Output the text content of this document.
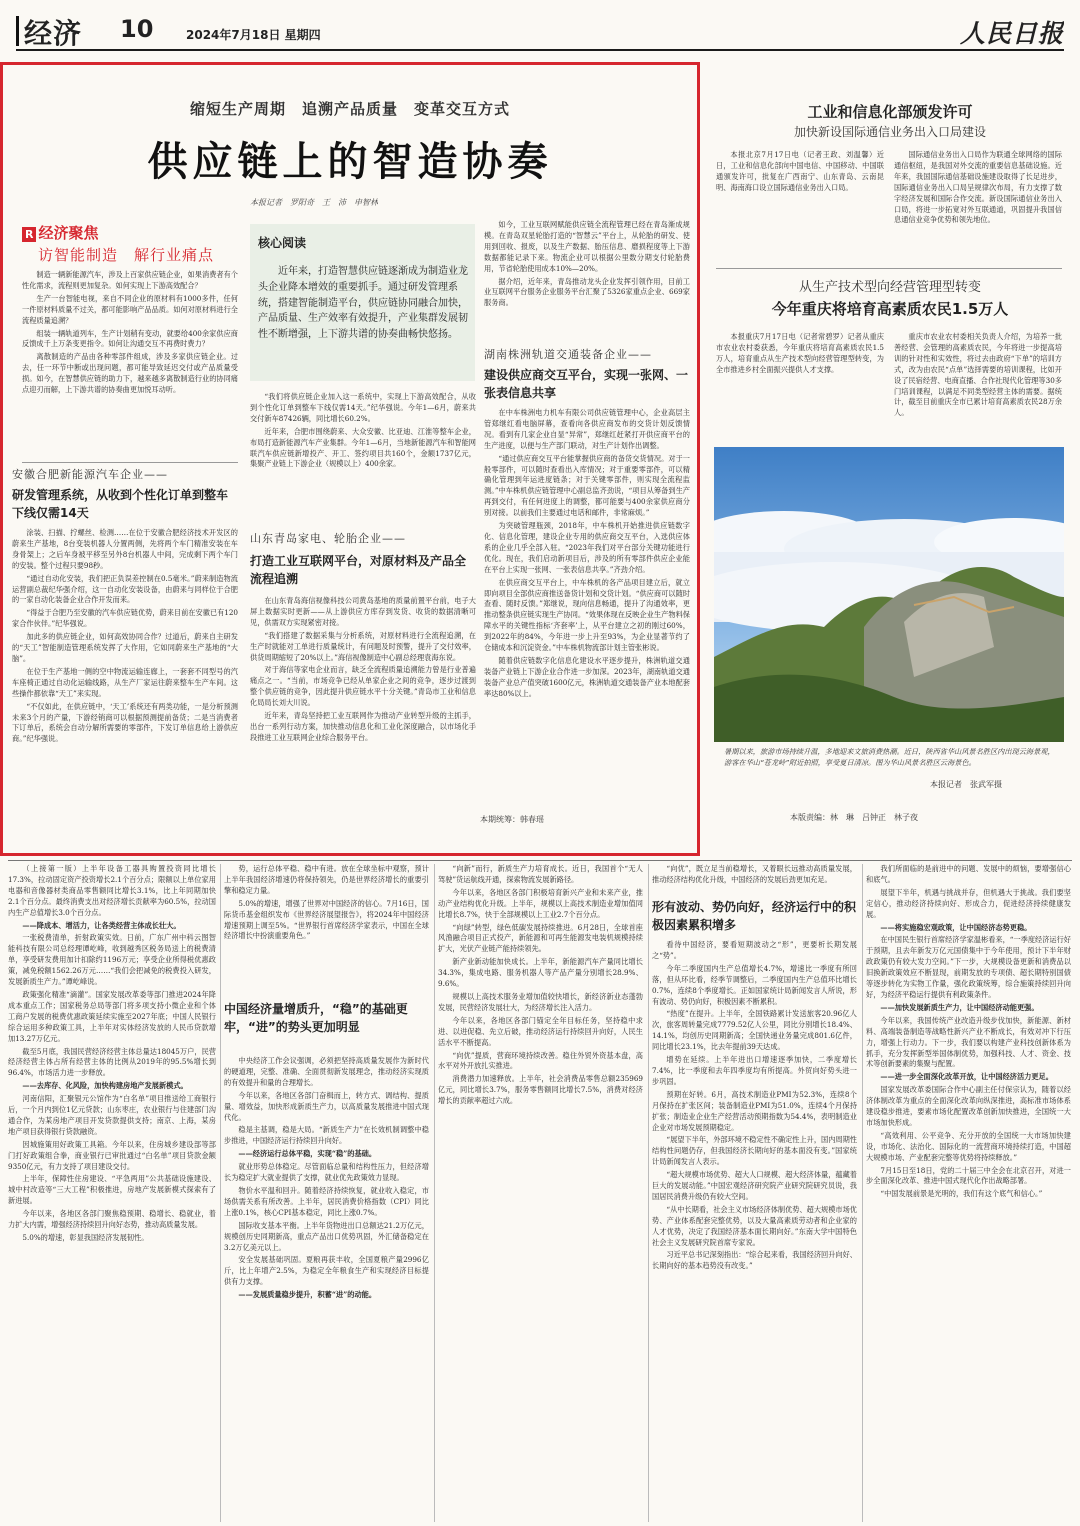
经济 10	2024年7月18日 星期四	人民日报
缩短生产周期　追溯产品质量　变革交互方式
供应链上的智造协奏
本报记者　罗阳奇　王　沛　申智林
R 经济聚焦
访智能制造　解行业痛点

制造一辆新能源汽车，涉及上百家供应链企业，如果消费者有个性化需求，流程则更加复杂。如何实现上下游高效配合？

生产一台智能电视，来自不同企业的原材料有1000多件，任何一件原材料质量不过关，都可能影响产品品质。如何对原材料进行全流程质量追溯？

组装一辆轨道列车，生产计划稍有变动，就要给400余家供应商反馈成千上万条变更指令。如何让沟通交互不再费时费力？

离散制造的产品由各种零部件组成，涉及多家供应链企业。过去，任一环节中断或出现问题，都可能导致延迟交付或产品质量受损。如今，在智慧供应链的助力下，越来越多离散制造行业的协同痛点迎刃而解，上下游共谱的协奏曲更加悦耳动听。

安徽合肥新能源汽车企业——
研发管理系统，从收到个性化订单到整车下线仅需14天

涂装、扫描、拧螺丝、检测……在位于安徽合肥经济技术开发区的蔚来生产基地，8台变装机器人分置两侧，先将两个车门精准安装在车身骨架上；之后车身被平移至另外8台机器人中间，完成剩下两个车门的安装。整个过程只要98秒。

“通过自动化安装，我们把正负误差控制在0.5毫米。”蔚来制造物流运营副总裁纪华强介绍，这一自动化安装设备，由蔚来与同样位于合肥的一家自动化装备企业合作开发而来。

“得益于合肥乃至安徽的汽车供应链优势，蔚来目前在安徽已有120家合作伙伴。”纪华强说。

加此多的供应链企业，如何高效协同合作？过道后，蔚来自主研发的“天工”智能制造管理系统发挥了大作用，它如同蔚来生产基地的“大脑”。

在位于生产基地一侧的空中物流运输连廊上，一套套不同型号的汽车座椅正通过自动化运输线路，从生产厂家运往蔚来整车生产车间。这些操作都依靠“天工”来实现。

“不仅如此，在供应链中，‘天工’系统还有两类功能，一是分析预测未来3个月的产量，下游经销商可以根据预测提前备货；二是当消费者下订单后，系统会自动分解所需要的零部件，下发订单信息给上游供应商。”纪华强说。

核心阅读
近年来，打造智慧供应链逐渐成为制造业龙头企业降本增效的重要抓手。通过研发管理系统，搭建智能制造平台，供应链协同融合加快，产品质量、生产效率有效提升，产业集群发展韧性不断增强，上下游共谱的协奏曲畅快悠扬。

“我们将供应链企业加入这一系统中，实现上下游高效配合，从收到个性化订单到整车下线仅需14天。”纪华强说。今年1—6月，蔚来共交付新车87426辆，同比增长60.2%。

近年来，合肥市围绕蔚来、大众安徽、比亚迪、江淮等整车企业，布局打造新能源汽车产业集群。今年1—6月，当地新能源汽车和智能网联汽车供应链新增投产、开工、签约项目共160个，金额1737亿元，集聚产业链上下游企业（规模以上）400余家。

山东青岛家电、轮胎企业——
打造工业互联网平台，对原材料及产品全流程追溯

在山东青岛海信视像科技公司黄岛基地的质量前置平台前，电子大屏上数据实时更新——从上游供应方库存到发货、收货的数据清晰可见，供需双方实现紧密对接。

“我们搭建了数据采集与分析系统，对原材料进行全流程追溯，在生产时就能对工单进行质量统计，有问题及时预警，提升了交付效率，供货周期缩短了20%以上。”海信视像制造中心副总经理袁海东说。

对于海信等家电企业而言，缺乏全流程质量追溯能力曾是行业普遍痛点之一。“当前，市场竞争已经从单家企业之间的竞争，逐步过渡到整个供应链的竞争，因此提升供应链水平十分关键。”青岛市工业和信息化局局长刘大川说。

近年来，青岛坚持把工业互联网作为推动产业转型升级的主抓手，出台一系列行动方案，加快推动信息化和工业化深度融合，以市场化手段推进工业互联网企业综合服务平台。

如今，工业互联网赋能供应链全流程管理已经在青岛渐成规模。在青岛双星轮胎打造的“智慧云”平台上，从轮胎的研发、使用到回收、报废，以及生产数据、胎压信息、磨损程度等上下游数据都能记录下来。物流企业可以根据公里数分期支付轮胎费用，节省轮胎使用成本10%—20%。

据介绍，近年来，青岛推动龙头企业发挥引领作用，目前工业互联网平台服务企业服务平台汇聚了5326家重点企业、669家服务商。

湖南株洲轨道交通装备企业——
建设供应商交互平台，实现一张网、一张表信息共享

在中车株洲电力机车有限公司供应链管理中心，企业高层主管郑继红看电脑屏幕，查看向各供应商发布的交货计划反馈情况。看到有几家企业自显“异常”，郑继红赶紧打开供应商平台的生产进度，以便与生产部门联动，对生产计划作出调整。

“通过供应商交互平台能掌握供应商的备货交货情况。对于一般零部件，可以随时查看出入库情况；对于重要零部件，可以精确化管理到年运进度链条；对于关键零部件，则实现全流程监测。”中车株机供应链管理中心副总监齐劲说，“项目从筹备到生产再到交付，有任何进度上的调整，都可能要与400余家供应商分别对接。以前我们主要通过电话和邮件，非常麻烦。”

为突破管理瓶颈，2018年，中车株机开始推进供应链数字化、信息化管理，建设企业专用的供应商交互平台，入选供应体系的企业几乎全部入驻。“2023年我们对平台部分关键功能进行优化。现在，我们启动新项目后，涉及的所有零部件供应企业能在平台上实现一张网、一张表信息共享。”齐劲介绍。

在供应商交互平台上，中车株机的各产品项目建立后，就立即向项目全部供应商推送备货计划和交货计划。“供应商可以随时查看、随时反馈。”郑继说，现向信息畅通，提升了沟通效率，更推动整条供应链实现生产协同。“效果体现在反映企业生产物料保障水平的关键性指标‘齐套率’上，从平台建立之初的刚过60%，到2022年的84%，今年进一步上升至93%，为企业显著节约了仓储成本和沉淀资金。”中车株机物流部计划主管张彬说。

随着供应链数字化信息化建设水平逐步提升，株洲轨道交通装备产业链上下游企业合作进一步加深。2023年，湖南轨道交通装备产业总产值突破1600亿元，株洲轨道交通装备产业本地配套率达80%以上。

本期统筹：韩春瑶
工业和信息化部颁发许可
加快新设国际通信业务出入口局建设

本报北京7月17日电（记者王政、刘温馨）近日，工业和信息化部向中国电信、中国移动、中国联通颁发许可，批复在广西南宁、山东青岛、云南昆明、海南海口设立国际通信业务出入口局。

国际通信业务出入口局作为联通全球网络的国际通信枢纽，是我国对外交流的重要信息基础设施。近年来，我国国际通信基础设施建设取得了长足进步，国际通信业务出入口局呈规律次布局，有力支撑了数字经济发展和国际合作交流。新设国际通信业务出入口局，将进一步拓宽对外互联通道，巩固提升我国信息通信业竞争优势和领先地位。

从生产技术型向经营管理型转变
今年重庆将培育高素质农民1.5万人

本报重庆7月17日电（记者常碧罗）记者从重庆市农业农村委获悉，今年重庆将培育高素质农民1.5万人，培育重点从生产技术型向经营管理型转变，为全市推进乡村全面振兴提供人才支撑。

重庆市农业农村委相关负责人介绍，为培养一批善经营、会管理的高素质农民，今年将进一步提高培训的针对性和实效性，将过去由政府“下单”的培训方式，改为由农民“点单”选择需要的培训课程，比如开设了民宿经营、电商直播、合作社现代化管理等30多门培训课程，以满足不同类型经营主体的需要。据统计，截至目前重庆全市已累计培育高素质农民28万余人。

暑期以来，旅游市场持续升温，多地迎来文旅消费热潮。近日，陕西省华山风景名胜区内出现云海景观，游客在华山“苍龙岭”附近拍照，享受夏日清凉。图为华山风景名胜区云海景色。
本报记者　张武军摄
本版责编：林　琳　吕钟正　林子夜

（上接第一版）上半年设备工器具购置投资同比增长17.3%，拉动固定资产投资增长2.1个百分点；限额以上单位家用电器和音像器材类商品零售额同比增长3.1%，比上年同期加快2.1个百分点。最终消费支出对经济增长贡献率为60.5%，拉动国内生产总值增长3.0个百分点。

——降成本、增活力，让各类经营主体成长壮大。

一张税费清单，折射政策实效。日前，广东广州中科云图智能科技有限公司总经理谭屹峰，收到越秀区税务局送上的税费清单，享受研发费用加计扣除约1196万元；享受企业所得税优惠政策，减免税额1562.26万元……“我们会把减免的税费投入研发，发展新质生产力。”谭屹峰说。

政策强化精准“滴灌”。国家发展改革委等部门推进2024年降成本重点工作；国家税务总局等部门将多项支持小微企业和个体工商户发展的税费优惠政策延续实施至2027年底；中国人民银行综合运用多种政策工具，上半年对实体经济发放的人民币贷款增加13.27万亿元。

截至5月底，我国民营经济经营主体总量达18045万户，民营经济经营主体占所有经营主体的比例从2019年的95.5%增长到96.4%，市场活力进一步释放。

——去库存、化风险，加快构建房地产发展新模式。

河南信阳，汇聚银元公馆作为“白名单”项目推送给工商银行后，一个月内到位1亿元贷款；山东枣庄，农业银行与住建部门沟通合作，为某房地产项目开发贷款提供支持；南京、上海，某房地产项目获得银行贷款融资。

因城施策用好政策工具箱。今年以来，住房城乡建设部等部门打好政策组合拳，商业银行已审批通过“白名单”项目贷款金额9350亿元，有力支持了项目建设交付。

上半年，保障性住房建设、“平急两用”公共基础设施建设、城中村改造等“三大工程”积极推进，房地产发展新模式探索有了新进展。

今年以来，各地区各部门聚焦稳预期、稳增长、稳就业，着力扩大内需，增强经济持续回升向好态势，推动高质量发展。

5.0%的增速，彰显我国经济发展韧性。

中国经济量增质升，“稳”的基础更牢，“进”的势头更加明显

势，运行总体平稳、稳中有进。放在全球坐标中观察，预计上半年我国经济增速仍将保持领先，仍是世界经济增长的重要引擎和稳定力量。

5.0%的增速，增强了世界对中国经济的信心。7月16日，国际货币基金组织发布《世界经济展望报告》，将2024年中国经济增速预期上调至5%。“世界银行首席经济学家表示，中国在全球经济增长中扮演重要角色。”

中央经济工作会议强调，必须把坚持高质量发展作为新时代的硬道理，完整、准确、全面贯彻新发展理念，推动经济实现质的有效提升和量的合理增长。

今年以来，各地区各部门奋楫而上，转方式、调结构、提质量、增效益，加快形成新质生产力，以高质量发展推进中国式现代化。

稳是主基调，稳是大局。“新质生产力”在长效机制调整中稳步推进，中国经济运行持续回升向好。

——经济运行总体平稳，实现“稳”的基础。

就业形势总体稳定。尽管面临总量和结构性压力，但经济增长为稳定扩大就业提供了支撑，就业优先政策效力显现。

物价水平温和回升。随着经济持续恢复，就业收入稳定，市场供需关系有所改善。上半年，居民消费价格指数（CPI）同比上涨0.1%，核心CPI基本稳定，同比上涨0.7%。

国际收支基本平衡。上半年货物进出口总额达21.2万亿元，规模创历史同期新高，重点产品出口优势巩固，外汇储备稳定在3.2万亿美元以上。

安全发展基础巩固。夏粮再获丰收，全国夏粮产量2996亿斤，比上年增产2.5%，为稳定全年粮食生产和实现经济目标提供有力支撑。

——发展质量稳步提升，积蓄“进”的动能。

“向新”而行，新质生产力培育成长。近日，我国首个“无人驾驶”货运航线开通，探索物流发展新路径。

今年以来，各地区各部门积极培育新兴产业和未来产业，推动产业结构优化升级。上半年，规模以上高技术制造业增加值同比增长8.7%，快于全部规模以上工业2.7个百分点。

“向绿”转型，绿色低碳发展持续推进。6月28日，全球首座风渔融合项目正式投产，新能源和可再生能源发电装机规模持续扩大，光伏产业链产能持续领先。

新产业新动能加快成长。上半年，新能源汽车产量同比增长34.3%，集成电路、服务机器人等产品产量分别增长28.9%、9.6%。

规模以上高技术服务业增加值较快增长，新经济新业态蓬勃发展，民营经济发展壮大，为经济增长注入活力。

今年以来，各地区各部门锚定全年目标任务，坚持稳中求进、以进促稳、先立后破，推动经济运行持续回升向好，人民生活水平不断提高。

“向优”提质，营商环境持续改善。稳住外贸外资基本盘，高水平对外开放扎实推进。

消费潜力加速释放。上半年，社会消费品零售总额235969亿元，同比增长3.7%，服务零售额同比增长7.5%，消费对经济增长的贡献率超过六成。

“向优”，既立足当前稳增长，又着眼长远推动高质量发展，推动经济结构优化升级，中国经济的发展后劲更加充足。

形有波动、势仍向好，经济运行中的积极因素累积增多

看待中国经济，要看短期波动之“形”，更要析长期发展之“势”。

今年二季度国内生产总值增长4.7%，增速比一季度有所回落，但从环比看，经季节调整后，二季度国内生产总值环比增长0.7%，连续8个季度增长。正如国家统计局新闻发言人所说，形有波动、势仍向好，积极因素不断累积。

“热度”在提升。上半年，全国铁路累计发送旅客20.96亿人次，旅客周转量完成7779.52亿人公里，同比分别增长18.4%、14.1%，均创历史同期新高；全国快递业务量完成801.6亿件，同比增长23.1%，比去年提前39天达成。

增势在延续。上半年进出口增速逐季加快，二季度增长7.4%，比一季度和去年四季度均有所提高。外贸向好势头进一步巩固。

预期在好转。6月，高技术制造业PMI为52.3%，连续8个月保持在扩张区间；装备制造业PMI为51.0%，连续4个月保持扩张；制造业企业生产经营活动预期指数为54.4%，表明制造业企业对市场发展预期稳定。

“展望下半年，外部环境不稳定性不确定性上升，国内周期性结构性问题仍存，但我国经济长期向好的基本面没有变。”国家统计局新闻发言人表示。

“超大规模市场优势、超大人口规模、超大经济体量，蕴藏着巨大的发展动能。”中国宏观经济研究院产业研究院研究员说，我国居民消费升级仍有较大空间。

“从中长期看，社会主义市场经济体制优势、超大规模市场优势、产业体系配套完整优势，以及大量高素质劳动者和企业家的人才优势，决定了我国经济基本面长期向好。”东南大学中国特色社会主义发展研究院首席专家说。

习近平总书记深刻指出：“综合起来看，我国经济回升向好、长期向好的基本趋势没有改变。”

我们所面临的是前进中的问题、发展中的烦恼，要增强信心和底气。

展望下半年，机遇与挑战并存，但机遇大于挑战。我们要坚定信心，推动经济持续向好、形成合力，促进经济持续健康发展。

——将实施稳宏观政策，让中国经济态势更稳。

在中国民生银行首席经济学家温彬看来，“一季度经济运行好于预期，且去年新发万亿元国债集中于今年使用，预计下半年财政政策仍有较大发力空间。”下一步，大规模设备更新和消费品以旧换新政策效应不断显现，前期发放的专项债、超长期特别国债等逐步转化为实物工作量，强化政策统筹，综合施策持续回升向好，为经济平稳运行提供有利政策条件。

——加快发展新质生产力，让中国经济动能更强。

今年以来，我国传统产业改造升级步伐加快，新能源、新材料、高端装备制造等战略性新兴产业不断成长，有效对冲下行压力，增强上行动力。下一步，我们要以构建产业科技创新体系为抓手，充分发挥新型举国体制优势，加强科技、人才、资金、技术等创新要素的集聚与配置。

——进一步全面深化改革开放，让中国经济活力更足。

国家发展改革委国际合作中心副主任付保宗认为，随着以经济体制改革为重点的全面深化改革向纵深推进，高标准市场体系建设稳步推进，要素市场化配置改革创新加快推进，全国统一大市场加快形成。

“高效利用、公平竞争、充分开放的全国统一大市场加快建设，市场化、法治化、国际化的一流营商环境持续打造，中国超大规模市场、产业配套完整等优势将持续释放。”

7月15日至18日，党的二十届三中全会在北京召开，对进一步全面深化改革、推进中国式现代化作出战略部署。

“中国发展前景是光明的，我们有这个底气和信心。”
